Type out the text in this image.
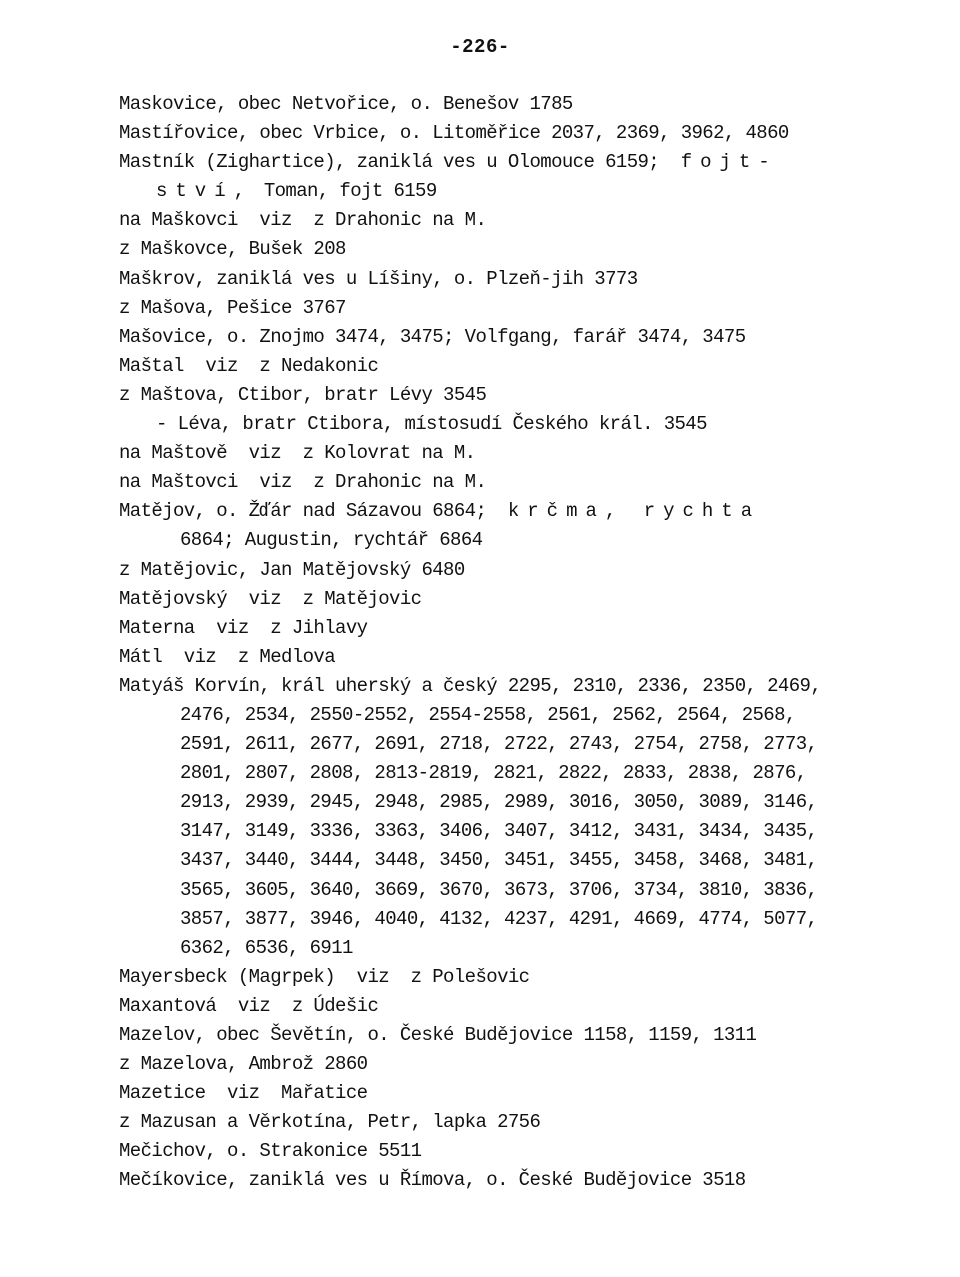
-226-
Maskovice, obec Netvořice, o. Benešov 1785
Mastířovice, obec Vrbice, o. Litoměřice 2037, 2369, 3962, 4860
Mastník (Zighartice), zaniklá ves u Olomouce 6159;  fojt-
ství, Toman, fojt 6159
na Maškovci  viz  z Drahonic na M.
z Maškovce, Bušek 208
Maškrov, zaniklá ves u Líšiny, o. Plzeň-jih 3773
z Mašova, Pešice 3767
Mašovice, o. Znojmo 3474, 3475; Volfgang, farář 3474, 3475
Maštal  viz  z Nedakonic
z Maštova, Ctibor, bratr Lévy 3545
- Léva, bratr Ctibora, místosudí Českého král. 3545
na Maštově  viz  z Kolovrat na M.
na Maštovci  viz  z Drahonic na M.
Matějov, o. Žďár nad Sázavou 6864;  krčma, rychta
6864; Augustin, rychtář 6864
z Matějovic, Jan Matějovský 6480
Matějovský  viz  z Matějovic
Materna  viz  z Jihlavy
Mátl  viz  z Medlova
Matyáš Korvín, král uherský a český 2295, 2310, 2336, 2350, 2469,
2476, 2534, 2550-2552, 2554-2558, 2561, 2562, 2564, 2568,
2591, 2611, 2677, 2691, 2718, 2722, 2743, 2754, 2758, 2773,
2801, 2807, 2808, 2813-2819, 2821, 2822, 2833, 2838, 2876,
2913, 2939, 2945, 2948, 2985, 2989, 3016, 3050, 3089, 3146,
3147, 3149, 3336, 3363, 3406, 3407, 3412, 3431, 3434, 3435,
3437, 3440, 3444, 3448, 3450, 3451, 3455, 3458, 3468, 3481,
3565, 3605, 3640, 3669, 3670, 3673, 3706, 3734, 3810, 3836,
3857, 3877, 3946, 4040, 4132, 4237, 4291, 4669, 4774, 5077,
6362, 6536, 6911
Mayersbeck (Magrpek)  viz  z Polešovic
Maxantová  viz  z Údešic
Mazelov, obec Ševětín, o. České Budějovice 1158, 1159, 1311
z Mazelova, Ambrož 2860
Mazetice  viz  Mařatice
z Mazusan a Věrkotína, Petr, lapka 2756
Mečichov, o. Strakonice 5511
Mečíkovice, zaniklá ves u Římova, o. České Budějovice 3518
